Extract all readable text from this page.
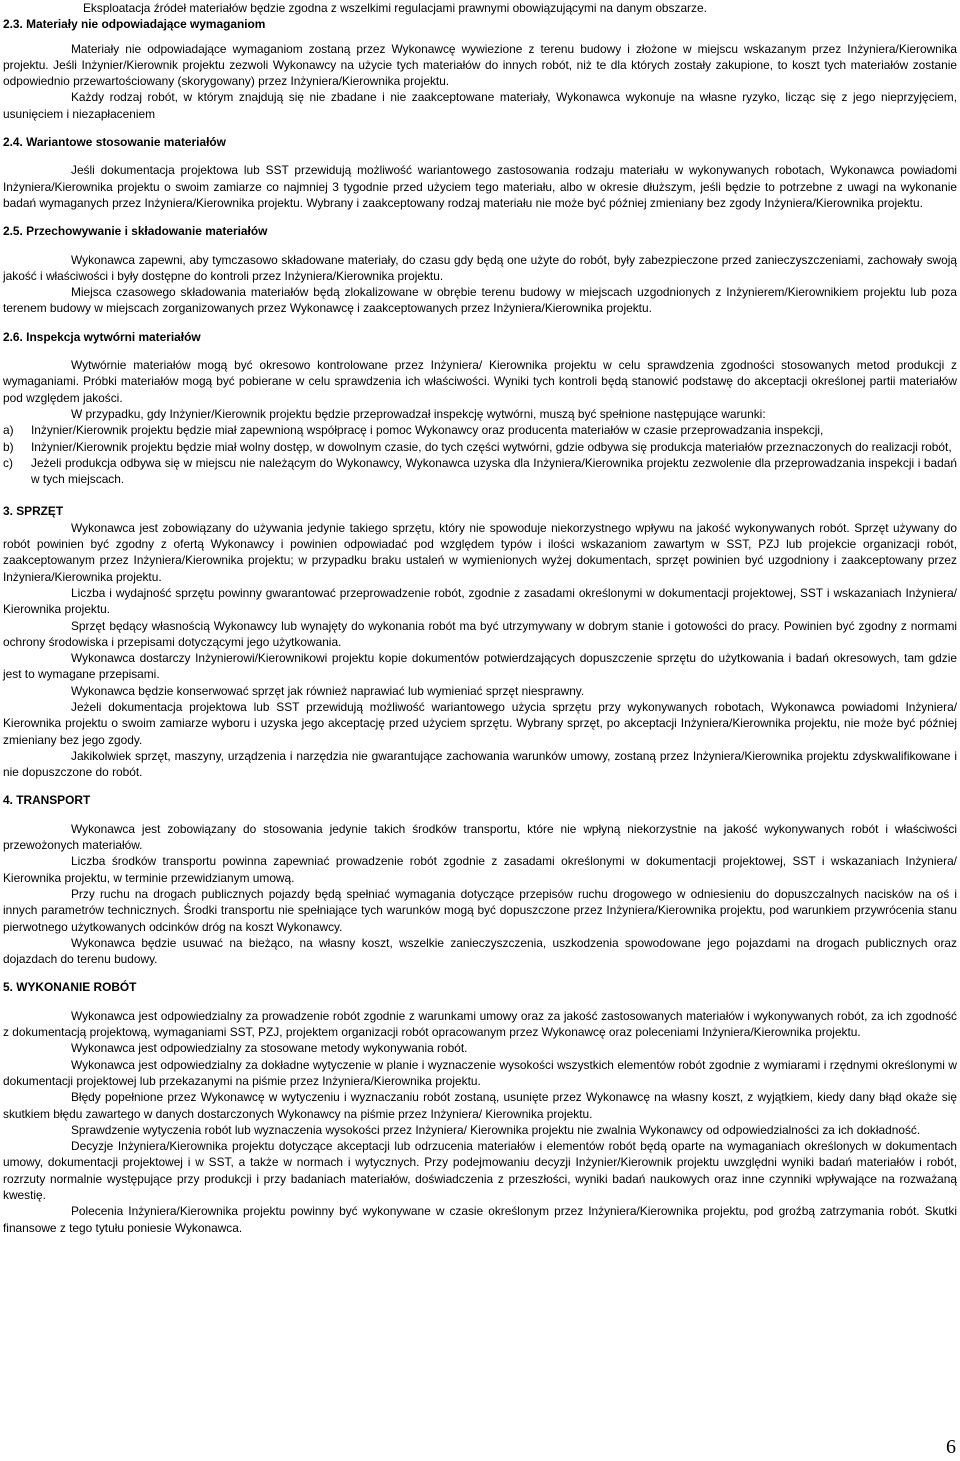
Eksploatacja źródeł materiałów będzie zgodna z wszelkimi regulacjami prawnymi obowiązującymi na danym obszarze.

2.3. Materiały nie odpowiadające wymaganiom

Materiały nie odpowiadające wymaganiom zostaną przez Wykonawcę wywiezione z terenu budowy i złożone w miejscu wskazanym przez Inżyniera/Kierownika projektu. Jeśli Inżynier/Kierownik projektu zezwoli Wykonawcy na użycie tych materiałów do innych robót, niż te dla których zostały zakupione, to koszt tych materiałów zostanie odpowiednio przewartościowany (skorygowany) przez Inżyniera/Kierownika projektu.

Każdy rodzaj robót, w którym znajdują się nie zbadane i nie zaakceptowane materiały, Wykonawca wykonuje na własne ryzyko, licząc się z jego nieprzyjęciem, usunięciem i niezapłaceniem

2.4. Wariantowe stosowanie materiałów

Jeśli dokumentacja projektowa lub SST przewidują możliwość wariantowego zastosowania rodzaju materiału w wykonywanych robotach, Wykonawca powiadomi Inżyniera/Kierownika projektu o swoim zamiarze co najmniej 3 tygodnie przed użyciem tego materiału, albo w okresie dłuższym, jeśli będzie to potrzebne z uwagi na wykonanie badań wymaganych przez Inżyniera/Kierownika projektu. Wybrany i zaakceptowany rodzaj materiału nie może być później zmieniany bez zgody Inżyniera/Kierownika projektu.

2.5. Przechowywanie i składowanie materiałów

Wykonawca zapewni, aby tymczasowo składowane materiały, do czasu gdy będą one użyte do robót, były zabezpieczone przed zanieczyszczeniami, zachowały swoją jakość i właściwości i były dostępne do kontroli przez Inżyniera/Kierownika projektu.

Miejsca czasowego składowania materiałów będą zlokalizowane w obrębie terenu budowy w miejscach uzgodnionych z Inżynierem/Kierownikiem projektu lub poza terenem budowy w miejscach zorganizowanych przez Wykonawcę i zaakceptowanych przez Inżyniera/Kierownika projektu.

2.6. Inspekcja wytwórni materiałów

Wytwórnie materiałów mogą być okresowo kontrolowane przez Inżyniera/ Kierownika projektu w celu sprawdzenia zgodności stosowanych metod produkcji z wymaganiami. Próbki materiałów mogą być pobierane w celu sprawdzenia ich właściwości. Wyniki tych kontroli będą stanowić podstawę do akceptacji określonej partii materiałów pod względem jakości.

W przypadku, gdy Inżynier/Kierownik projektu będzie przeprowadzał inspekcję wytwórni, muszą być spełnione następujące warunki:

a)	Inżynier/Kierownik projektu będzie miał zapewnioną współpracę i pomoc Wykonawcy oraz producenta materiałów w czasie przeprowadzania inspekcji,
b)	Inżynier/Kierownik projektu będzie miał wolny dostęp, w dowolnym czasie, do tych części wytwórni, gdzie odbywa się produkcja materiałów przeznaczonych do realizacji robót,
c)	Jeżeli produkcja odbywa się w miejscu nie należącym do Wykonawcy, Wykonawca uzyska dla Inżyniera/Kierownika projektu zezwolenie dla przeprowadzania inspekcji i badań w tych miejscach.

3. SPRZĘT

Wykonawca jest zobowiązany do używania jedynie takiego sprzętu, który nie spowoduje niekorzystnego wpływu na jakość wykonywanych robót. Sprzęt używany do robót powinien być zgodny z ofertą Wykonawcy i powinien odpowiadać pod względem typów i ilości wskazaniom zawartym w SST, PZJ lub projekcie organizacji robót, zaakceptowanym przez Inżyniera/Kierownika projektu; w przypadku braku ustaleń w wymienionych wyżej dokumentach, sprzęt powinien być uzgodniony i zaakceptowany przez Inżyniera/Kierownika projektu.

Liczba i wydajność sprzętu powinny gwarantować przeprowadzenie robót, zgodnie z zasadami określonymi w dokumentacji projektowej, SST i wskazaniach Inżyniera/ Kierownika projektu.

Sprzęt będący własnością Wykonawcy lub wynajęty do wykonania robót ma być utrzymywany w dobrym stanie i gotowości do pracy. Powinien być zgodny z normami ochrony środowiska i przepisami dotyczącymi jego użytkowania.

Wykonawca dostarczy Inżynierowi/Kierownikowi projektu kopie dokumentów potwierdzających dopuszczenie sprzętu do użytkowania i badań okresowych, tam gdzie jest to wymagane przepisami.

Wykonawca będzie konserwować sprzęt jak również naprawiać lub wymieniać sprzęt niesprawny.

Jeżeli dokumentacja projektowa lub SST przewidują możliwość wariantowego użycia sprzętu przy wykonywanych robotach, Wykonawca powiadomi Inżyniera/ Kierownika projektu o swoim zamiarze wyboru i uzyska jego akceptację przed użyciem sprzętu. Wybrany sprzęt, po akceptacji Inżyniera/Kierownika projektu, nie może być później zmieniany bez jego zgody.

Jakikolwiek sprzęt, maszyny, urządzenia i narzędzia nie gwarantujące zachowania warunków umowy, zostaną przez Inżyniera/Kierownika projektu zdyskwalifikowane i nie dopuszczone do robót.

4. TRANSPORT

Wykonawca jest zobowiązany do stosowania jedynie takich środków transportu, które nie wpłyną niekorzystnie na jakość wykonywanych robót i właściwości przewożonych materiałów.

Liczba środków transportu powinna zapewniać prowadzenie robót zgodnie z zasadami określonymi w dokumentacji projektowej, SST i wskazaniach Inżyniera/ Kierownika projektu, w terminie przewidzianym umową.

Przy ruchu na drogach publicznych pojazdy będą spełniać wymagania dotyczące przepisów ruchu drogowego w odniesieniu do dopuszczalnych nacisków na oś i innych parametrów technicznych. Środki transportu nie spełniające tych warunków mogą być dopuszczone przez Inżyniera/Kierownika projektu, pod warunkiem przywrócenia stanu pierwotnego użytkowanych odcinków dróg na koszt Wykonawcy.

Wykonawca będzie usuwać na bieżąco, na własny koszt, wszelkie zanieczyszczenia, uszkodzenia spowodowane jego pojazdami na drogach publicznych oraz dojazdach do terenu budowy.

5. WYKONANIE ROBÓT

Wykonawca jest odpowiedzialny za prowadzenie robót zgodnie z warunkami umowy oraz za jakość zastosowanych materiałów i wykonywanych robót, za ich zgodność z dokumentacją projektową, wymaganiami SST, PZJ, projektem organizacji robót opracowanym przez Wykonawcę oraz poleceniami Inżyniera/Kierownika projektu.

Wykonawca jest odpowiedzialny za stosowane metody wykonywania robót.

Wykonawca jest odpowiedzialny za dokładne wytyczenie w planie i wyznaczenie wysokości wszystkich elementów robót zgodnie z wymiarami i rzędnymi określonymi w dokumentacji projektowej lub przekazanymi na piśmie przez Inżyniera/Kierownika projektu.

Błędy popełnione przez Wykonawcę w wytyczeniu i wyznaczaniu robót zostaną, usunięte przez Wykonawcę na własny koszt, z wyjątkiem, kiedy dany błąd okaże się skutkiem błędu zawartego w danych dostarczonych Wykonawcy na piśmie przez Inżyniera/ Kierownika projektu.

Sprawdzenie wytyczenia robót lub wyznaczenia wysokości przez Inżyniera/ Kierownika projektu nie zwalnia Wykonawcy od odpowiedzialności za ich dokładność.

Decyzje Inżyniera/Kierownika projektu dotyczące akceptacji lub odrzucenia materiałów i elementów robót będą oparte na wymaganiach określonych w dokumentach umowy, dokumentacji projektowej i w SST, a także w normach i wytycznych. Przy podejmowaniu decyzji Inżynier/Kierownik projektu uwzględni wyniki badań materiałów i robót, rozrzuty normalnie występujące przy produkcji i przy badaniach materiałów, doświadczenia z przeszłości, wyniki badań naukowych oraz inne czynniki wpływające na rozważaną kwestię.

Polecenia Inżyniera/Kierownika projektu powinny być wykonywane w czasie określonym przez Inżyniera/Kierownika projektu, pod groźbą zatrzymania robót. Skutki finansowe z tego tytułu poniesie Wykonawca.

6
